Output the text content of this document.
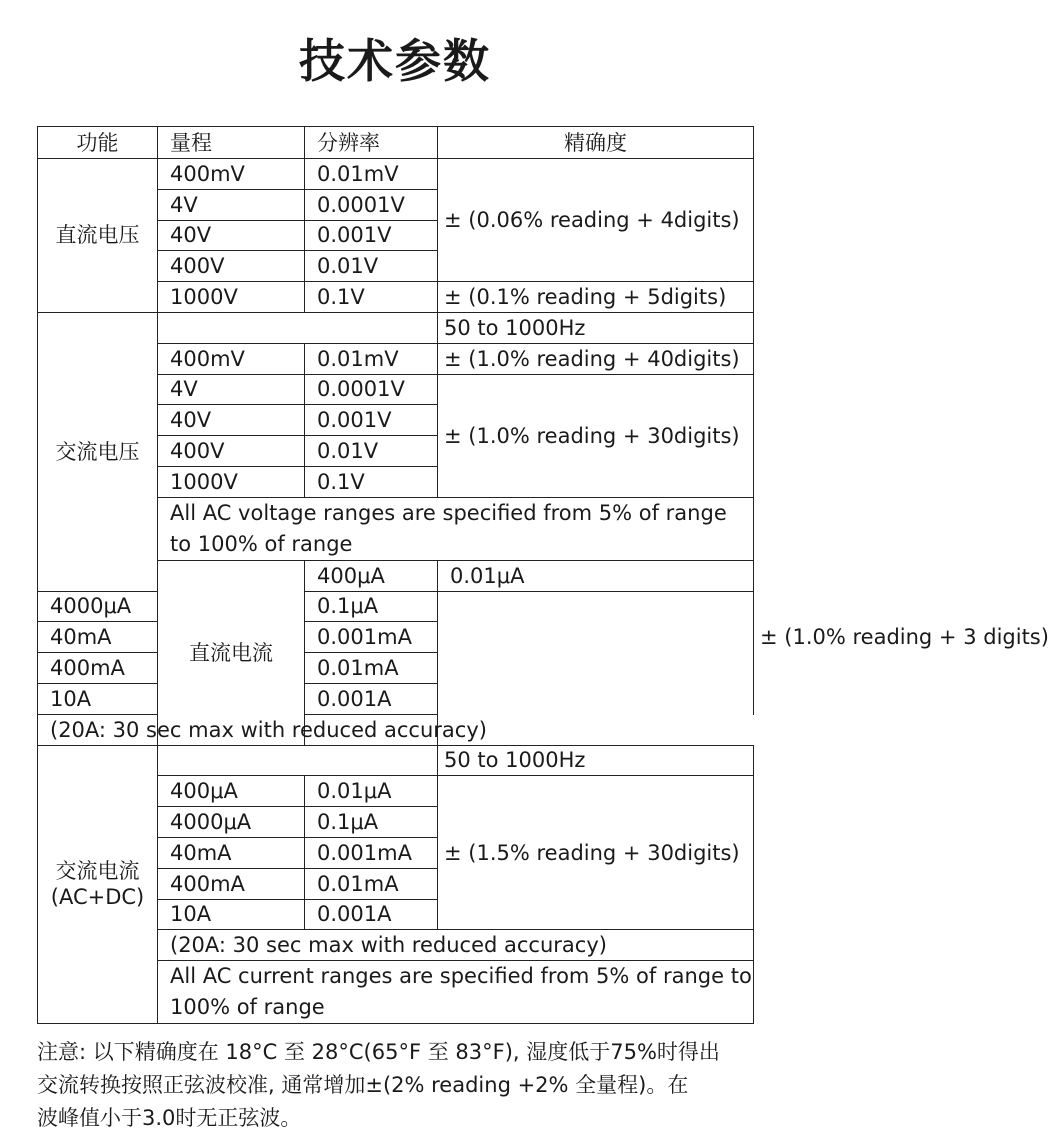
技术参数
功能	量程	分辨率	精确度	
直流电压	400mV	0.01mV	± (0.06% reading + 4digits)	
	4V	0.0001V		
	40V	0.001V		
	400V	0.01V		
	1000V	0.1V	± (0.1% reading + 5digits)	
交流电压			50 to 1000Hz	
	400mV	0.01mV	± (1.0% reading + 40digits)	
	4V	0.0001V	± (1.0% reading + 30digits)	
	40V	0.001V		
	400V	0.01V		
	1000V	0.1V		
	All AC voltage ranges are specified from 5% of range to 100% of range			
	直流电流	400μA	0.01μA	± (1.0% reading + 3 digits)
4000μA		0.1μA		
40mA		0.001mA		
400mA		0.01mA		
10A		0.001A		
(20A: 30 sec max with reduced accuracy)				
交流电流
(AC+DC)			50 to 1000Hz	
	400μA	0.01μA	± (1.5% reading + 30digits)	
	4000μA	0.1μA		
	40mA	0.001mA		
	400mA	0.01mA		
	10A	0.001A		
	(20A: 30 sec max with reduced accuracy)			
	All AC current ranges are specified from 5% of range to 100% of range			
注意: 以下精确度在 18°C 至 28°C(65°F 至 83°F), 湿度低于75%时得出
交流转换按照正弦波校准, 通常增加±(2% reading +2% 全量程)。在
波峰值小于3.0时无正弦波。
